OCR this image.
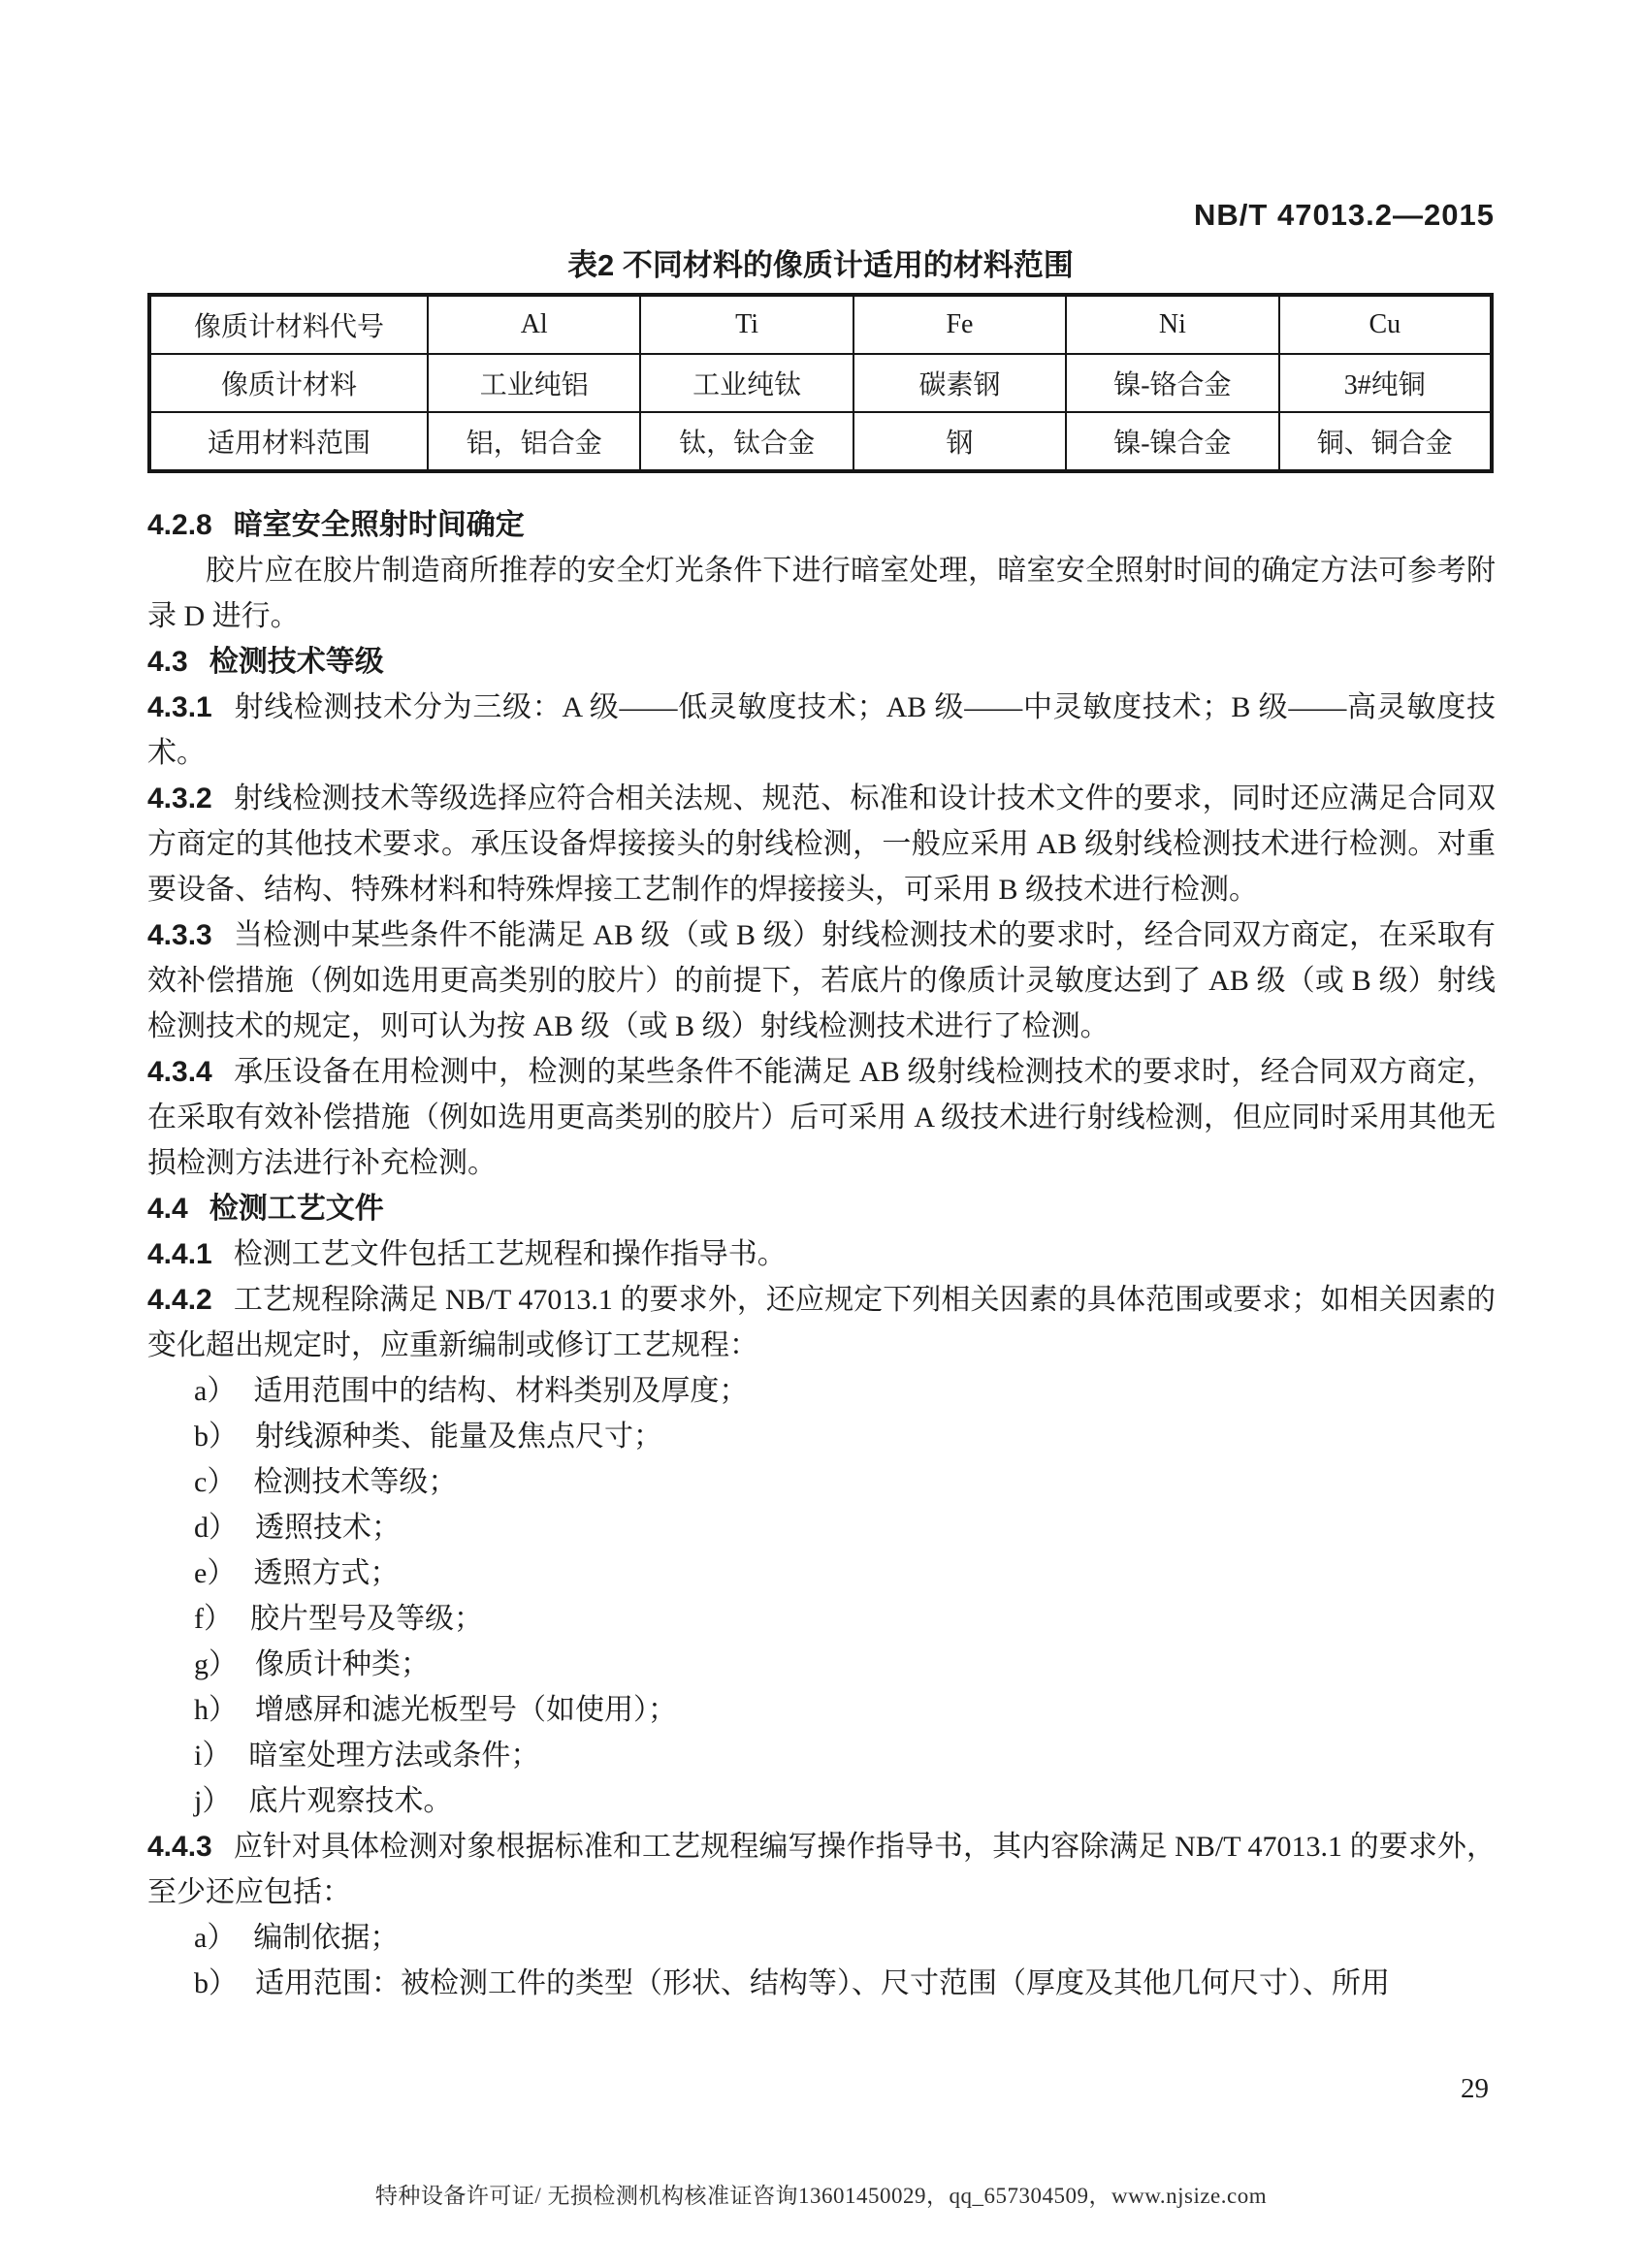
NB/T 47013.2—2015
表2 不同材料的像质计适用的材料范围
像质计材料代号	Al	Ti	Fe	Ni	Cu
像质计材料	工业纯铝	工业纯钛	碳素钢	镍-铬合金	3#纯铜
适用材料范围	铝，铝合金	钛，钛合金	钢	镍-镍合金	铜、铜合金

4.2.8 暗室安全照射时间确定

胶片应在胶片制造商所推荐的安全灯光条件下进行暗室处理，暗室安全照射时间的确定方法可参考附录 D 进行。

4.3 检测技术等级

4.3.1 射线检测技术分为三级：A 级——低灵敏度技术；AB 级——中灵敏度技术；B 级——高灵敏度技术。

4.3.2 射线检测技术等级选择应符合相关法规、规范、标准和设计技术文件的要求，同时还应满足合同双方商定的其他技术要求。承压设备焊接接头的射线检测，一般应采用 AB 级射线检测技术进行检测。对重要设备、结构、特殊材料和特殊焊接工艺制作的焊接接头，可采用 B 级技术进行检测。

4.3.3 当检测中某些条件不能满足 AB 级（或 B 级）射线检测技术的要求时，经合同双方商定，在采取有效补偿措施（例如选用更高类别的胶片）的前提下，若底片的像质计灵敏度达到了 AB 级（或 B 级）射线检测技术的规定，则可认为按 AB 级（或 B 级）射线检测技术进行了检测。

4.3.4 承压设备在用检测中，检测的某些条件不能满足 AB 级射线检测技术的要求时，经合同双方商定，在采取有效补偿措施（例如选用更高类别的胶片）后可采用 A 级技术进行射线检测，但应同时采用其他无损检测方法进行补充检测。

4.4 检测工艺文件

4.4.1 检测工艺文件包括工艺规程和操作指导书。

4.4.2 工艺规程除满足 NB/T 47013.1 的要求外，还应规定下列相关因素的具体范围或要求；如相关因素的变化超出规定时，应重新编制或修订工艺规程：

a） 适用范围中的结构、材料类别及厚度；

b） 射线源种类、能量及焦点尺寸；

c） 检测技术等级；

d） 透照技术；

e） 透照方式；

f） 胶片型号及等级；

g） 像质计种类；

h） 增感屏和滤光板型号（如使用）；

i） 暗室处理方法或条件；

j） 底片观察技术。

4.4.3 应针对具体检测对象根据标准和工艺规程编写操作指导书，其内容除满足 NB/T 47013.1 的要求外，至少还应包括：

a） 编制依据；

b） 适用范围：被检测工件的类型（形状、结构等）、尺寸范围（厚度及其他几何尺寸）、所用

29
特种设备许可证/ 无损检测机构核准证咨询13601450029，qq_657304509，www.njsize.com
